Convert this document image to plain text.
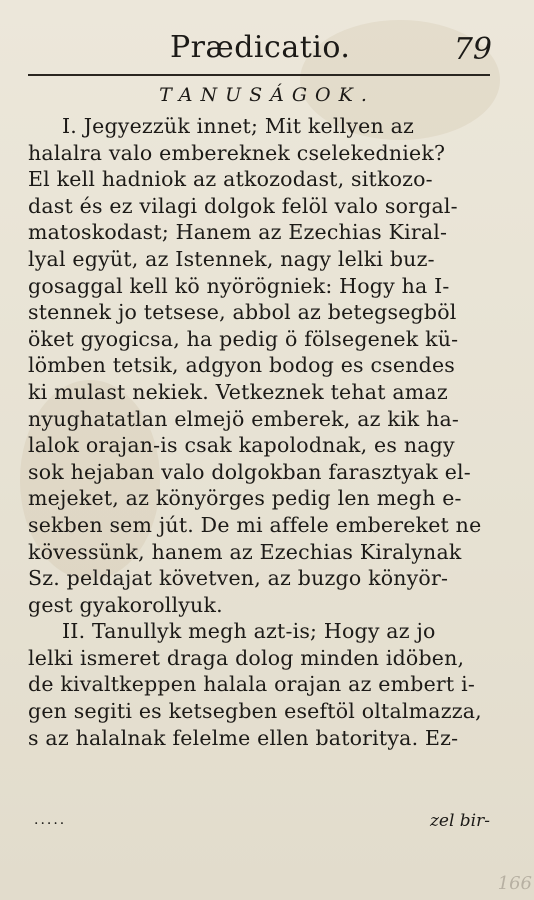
Prædicatio.	79
TANUSÁGOK.
I. Jegyezzük innet; Mit kellyen az
halalra valo embereknek cselekedniek?
El kell hadniok az atkozodast, sitkozo-
dast és ez vilagi dolgok felöl valo sorgal-
matoskodast; Hanem az Ezechias Kiral-
lyal együt, az Istennek, nagy lelki buz-
gosaggal kell kö nyörögniek: Hogy ha I-
stennek jo tetsese, abbol az betegsegböl
öket gyogicsa, ha pedig ö fölsegenek kü-
lömben tetsik, adgyon bodog es csendes
ki mulast nekiek. Vetkeznek tehat amaz
nyughatatlan elmejö emberek, az kik ha-
lalok orajan-is csak kapolodnak, es nagy
sok hejaban valo dolgokban farasztyak el-
mejeket, az könyörges pedig len megh e-
sekben sem jút. De mi affele embereket ne
kövessünk, hanem az Ezechias Kiralynak
Sz. peldajat követven, az buzgo könyör-
gest gyakorollyuk.
II. Tanullyk megh azt-is; Hogy az jo
lelki ismeret draga dolog minden idöben,
de kivaltkeppen halala orajan az embert i-
gen segiti es ketsegben eseftöl oltalmazza,
s az halalnak felelme ellen batoritya. Ez-
·····	zel bir-
166
